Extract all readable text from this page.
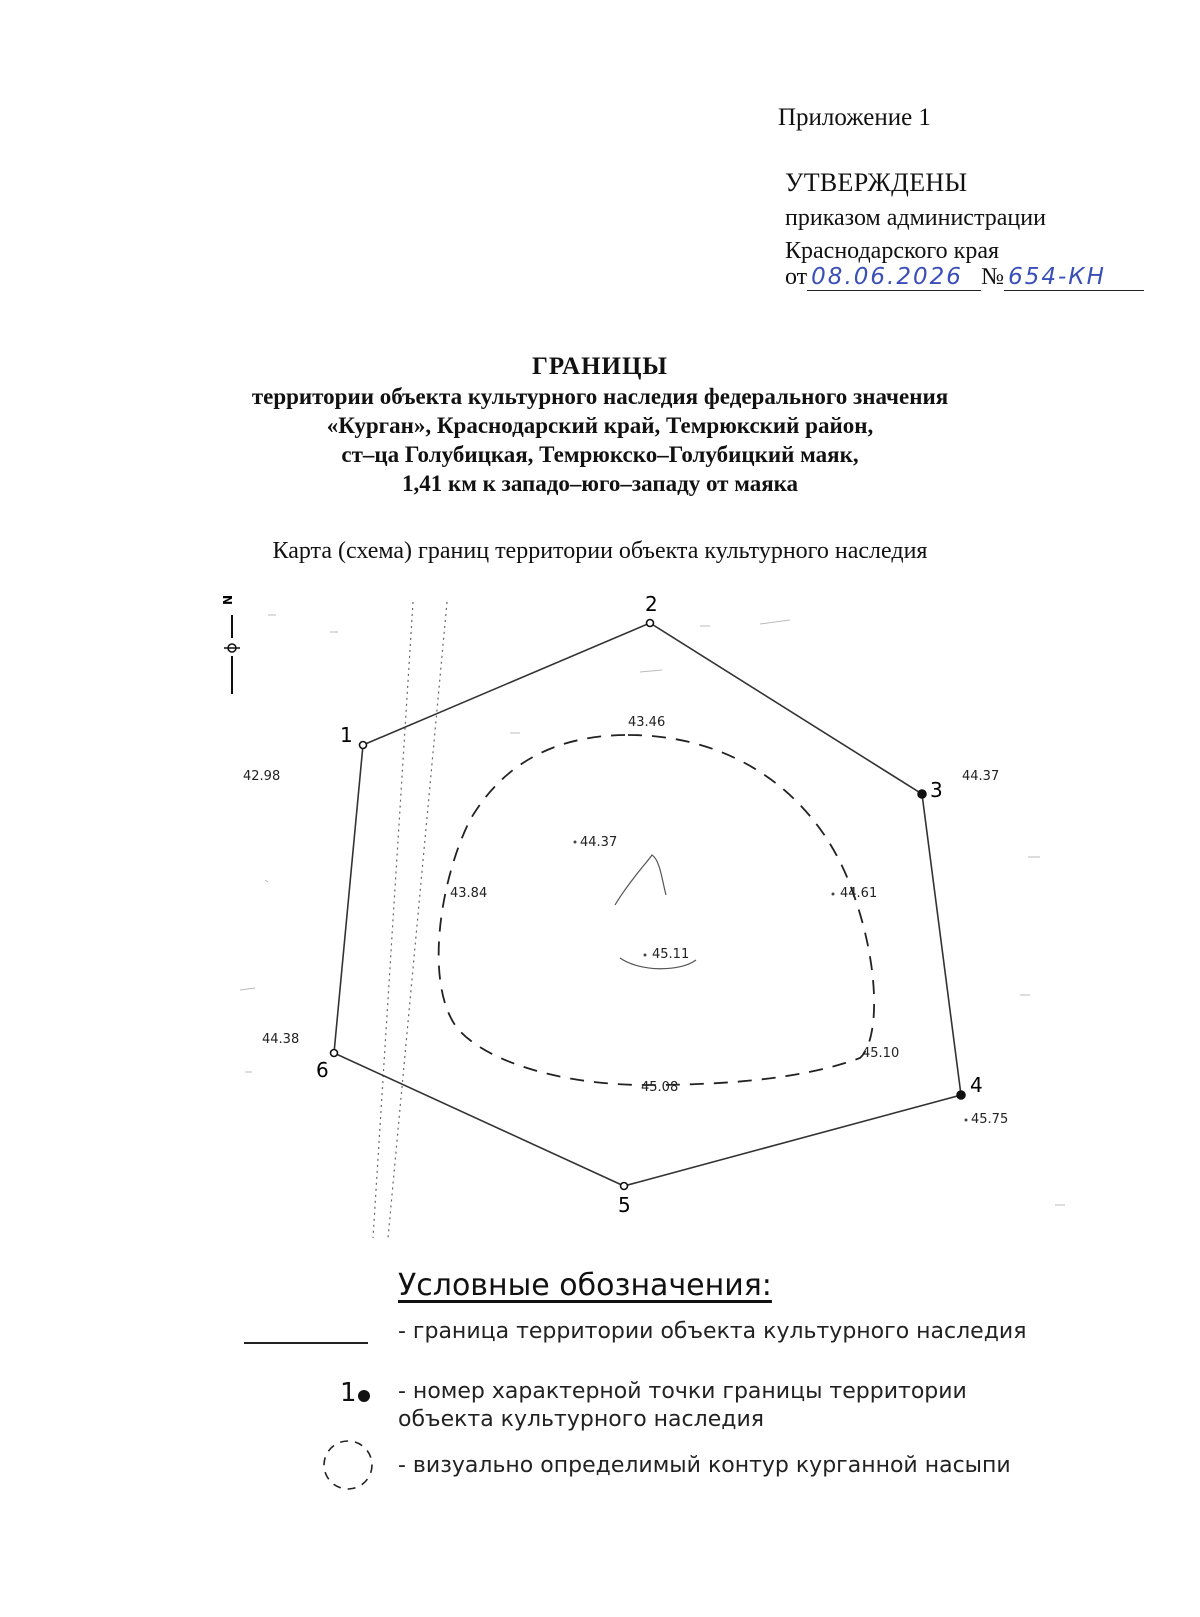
Приложение 1
УТВЕРЖДЕНЫ
приказом администрации
Краснодарского края
от 08.06.2026 № 654-КН
ГРАНИЦЫ
территории объекта культурного наследия федерального значения
«Курган», Краснодарский край, Темрюкский район,
ст–ца Голубицкая, Темрюкско–Голубицкий маяк,
1,41 км к западо–юго–западу от маяка
Карта (схема) границ территории объекта культурного наследия
N
1
2
3
4
5
6
42.98
43.46
44.37
44.37
43.84	44.61
45.11
44.38
45.10
45.08
45.75
Условные обозначения:
- граница территории объекта культурного наследия
1 - номер характерной точки границы территории объекта культурного наследия
- визуально определимый контур курганной насыпи
